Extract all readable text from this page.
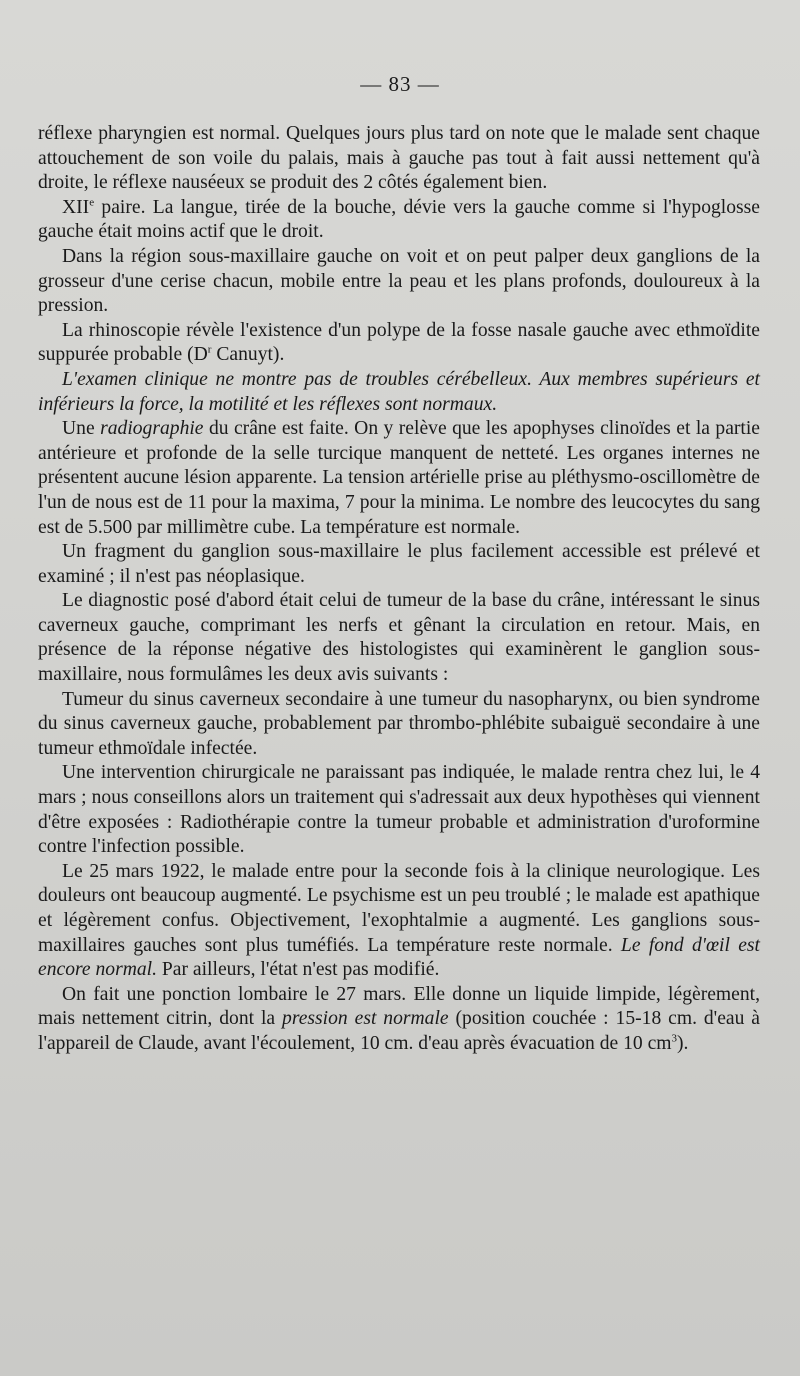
— 83 —

réflexe pharyngien est normal. Quelques jours plus tard on note que le malade sent chaque attouchement de son voile du palais, mais à gauche pas tout à fait aussi nettement qu'à droite, le réflexe nauséeux se produit des 2 côtés également bien.

XIIe paire. La langue, tirée de la bouche, dévie vers la gauche comme si l'hypoglosse gauche était moins actif que le droit.

Dans la région sous-maxillaire gauche on voit et on peut palper deux ganglions de la grosseur d'une cerise chacun, mobile entre la peau et les plans profonds, douloureux à la pression.

La rhinoscopie révèle l'existence d'un polype de la fosse nasale gauche avec ethmoïdite suppurée probable ($D^r$ Canuyt).

L'examen clinique ne montre pas de troubles cérébelleux. Aux membres supérieurs et inférieurs la force, la motilité et les réflexes sont normaux.

Une radiographie du crâne est faite. On y relève que les apophyses clinoïdes et la partie antérieure et profonde de la selle turcique manquent de netteté. Les organes internes ne présentent aucune lésion apparente. La tension artérielle prise au pléthysmo-oscillomètre de l'un de nous est de 11 pour la maxima, 7 pour la minima. Le nombre des leucocytes du sang est de 5.500 par millimètre cube. La température est normale.

Un fragment du ganglion sous-maxillaire le plus facilement accessible est prélevé et examiné ; il n'est pas néoplasique.

Le diagnostic posé d'abord était celui de tumeur de la base du crâne, intéressant le sinus caverneux gauche, comprimant les nerfs et gênant la circulation en retour. Mais, en présence de la réponse négative des histologistes qui examinèrent le ganglion sous-maxillaire, nous formulâmes les deux avis suivants :

Tumeur du sinus caverneux secondaire à une tumeur du nasopharynx, ou bien syndrome du sinus caverneux gauche, probablement par thrombo-phlébite subaiguë secondaire à une tumeur ethmoïdale infectée.

Une intervention chirurgicale ne paraissant pas indiquée, le malade rentra chez lui, le 4 mars ; nous conseillons alors un traitement qui s'adressait aux deux hypothèses qui viennent d'être exposées : Radiothérapie contre la tumeur probable et administration d'uroformine contre l'infection possible.

Le 25 mars 1922, le malade entre pour la seconde fois à la clinique neurologique. Les douleurs ont beaucoup augmenté. Le psychisme est un peu troublé ; le malade est apathique et légèrement confus. Objectivement, l'exophtalmie a augmenté. Les ganglions sous-maxillaires gauches sont plus tuméfiés. La température reste normale. Le fond d'œil est encore normal. Par ailleurs, l'état n'est pas modifié.

On fait une ponction lombaire le 27 mars. Elle donne un liquide limpide, légèrement, mais nettement citrin, dont la pression est normale (position couchée : 15-18 cm. d'eau à l'appareil de Claude, avant l'écoulement, 10 cm. d'eau après évacuation de 10 $cm^3$).
